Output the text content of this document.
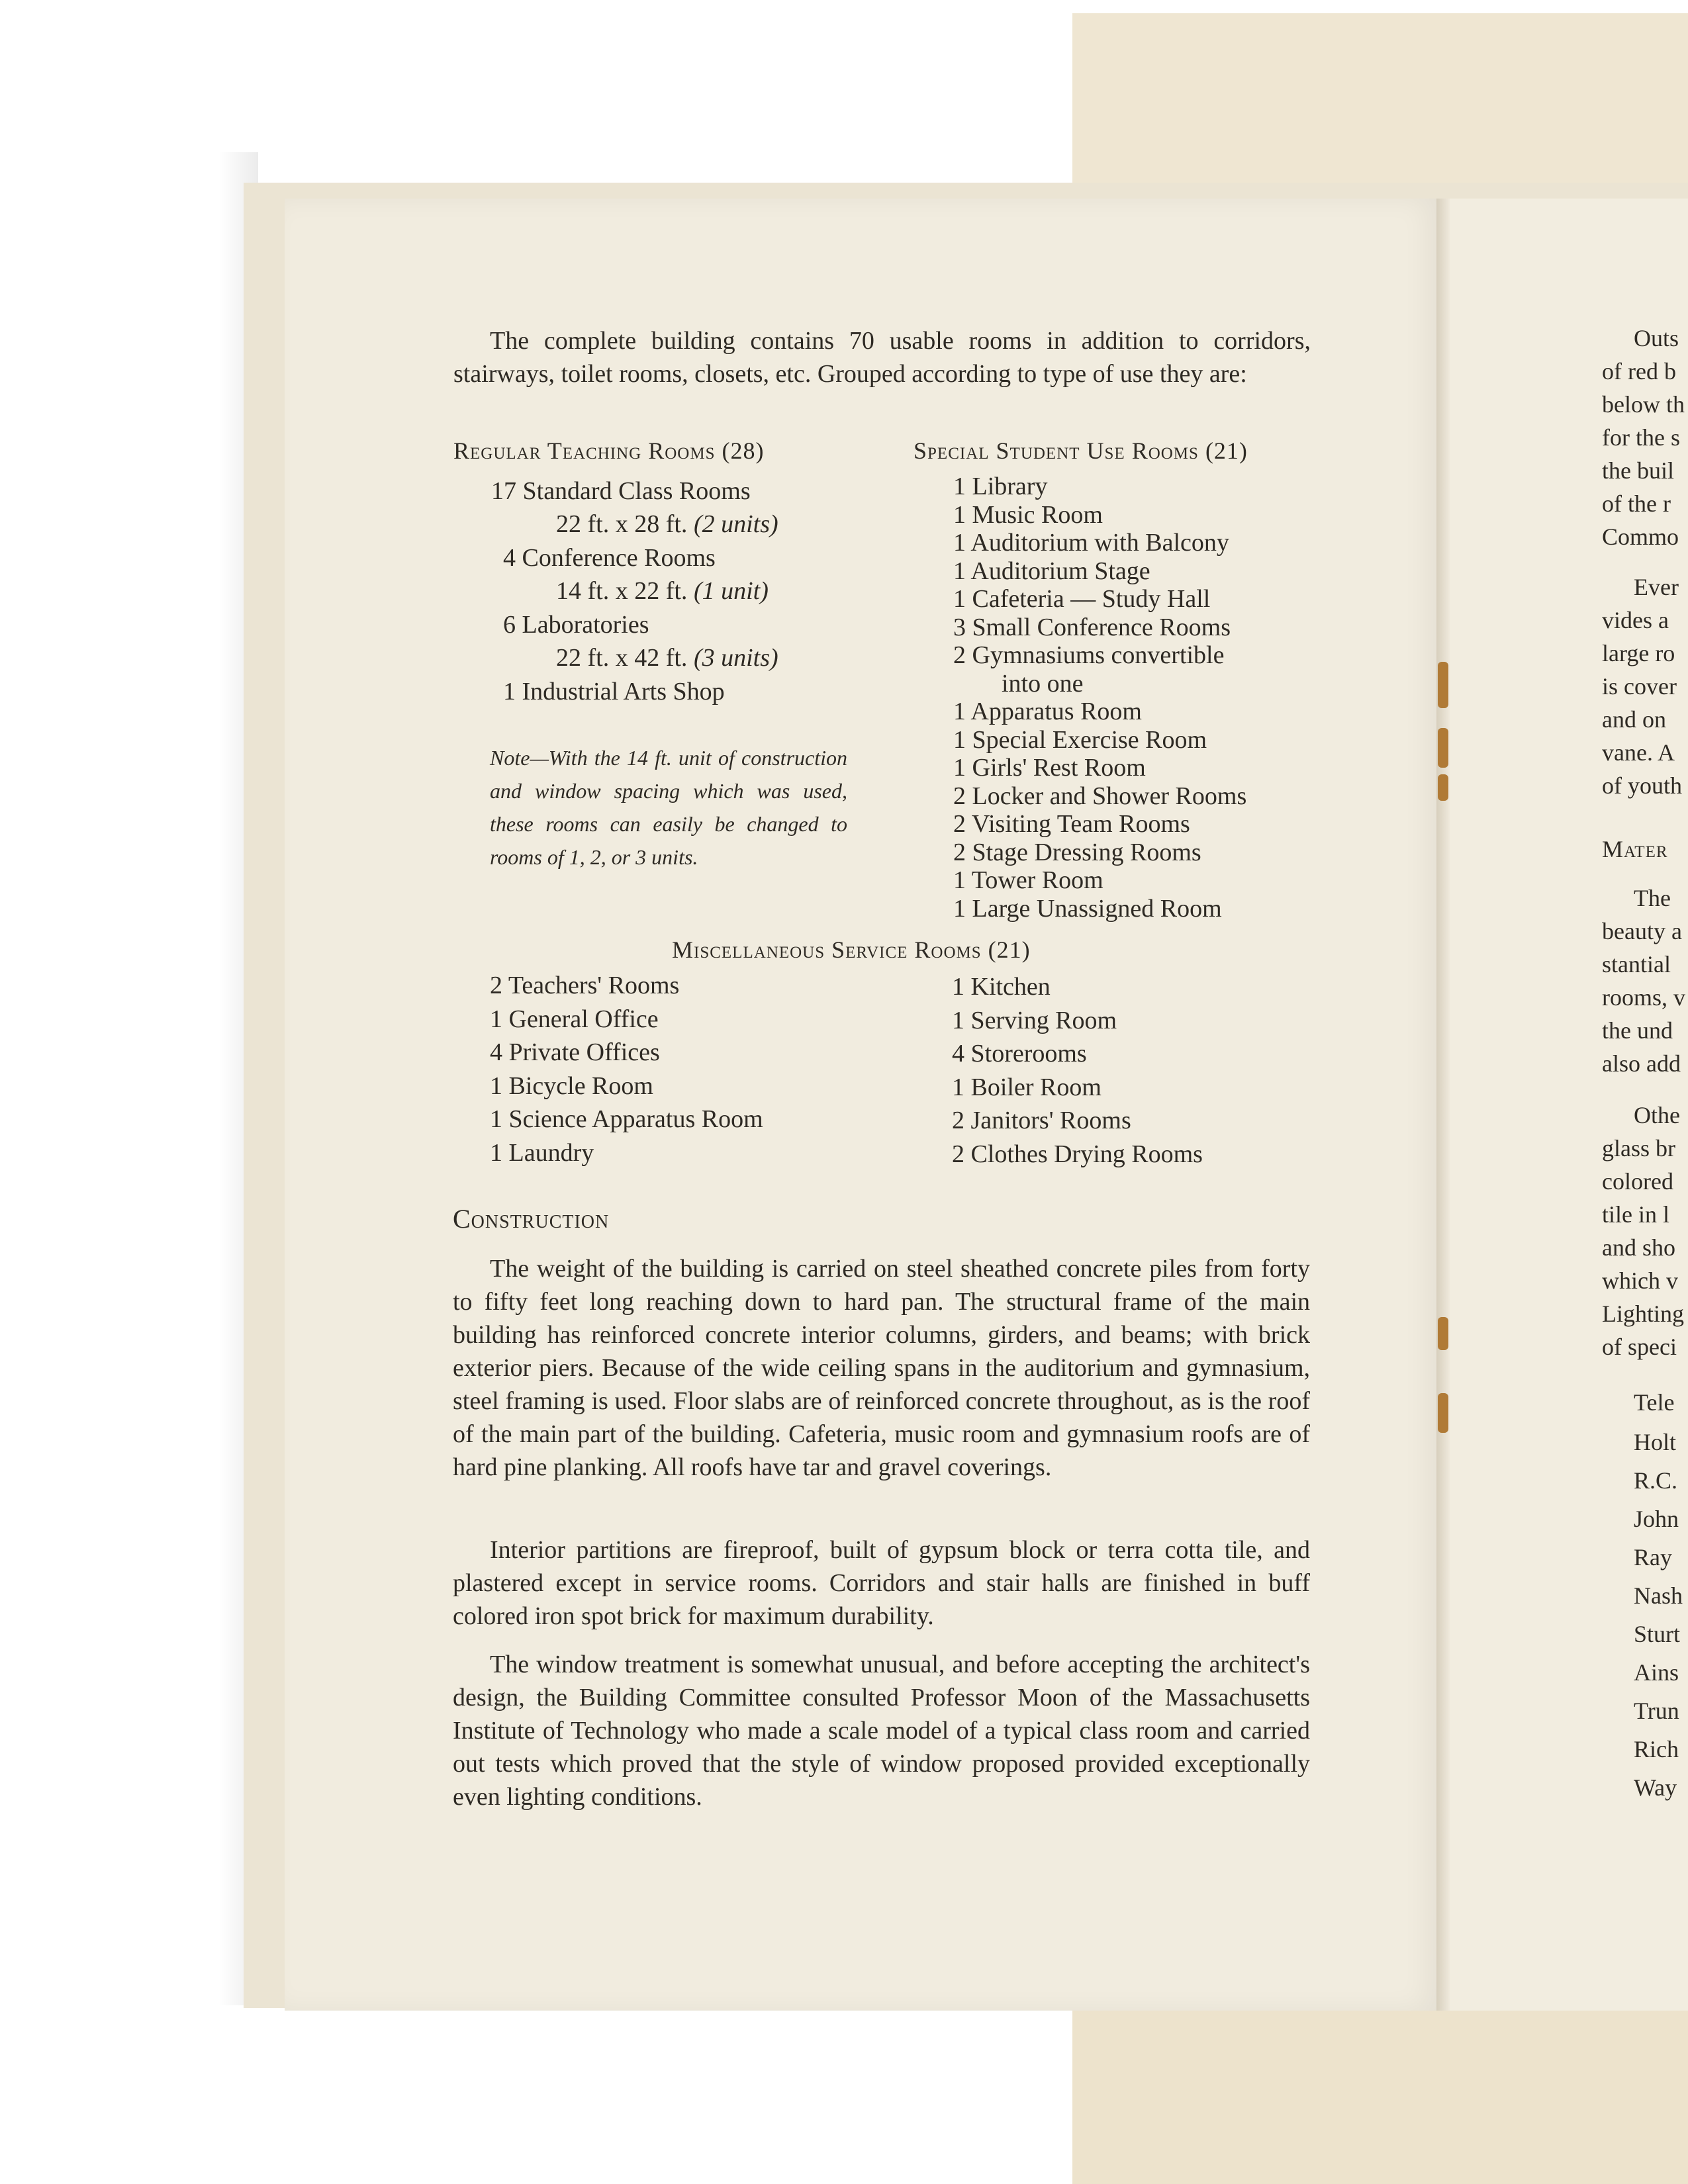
The complete building contains 70 usable rooms in addition to corridors, stairways, toilet rooms, closets, etc. Grouped according to type of use they are:
Regular Teaching Rooms (28)
17 Standard Class Rooms
22 ft. x 28 ft. (2 units)
4 Conference Rooms
14 ft. x 22 ft. (1 unit)
6 Laboratories
22 ft. x 42 ft. (3 units)
1 Industrial Arts Shop
Note—With the 14 ft. unit of construction and window spacing which was used, these rooms can easily be changed to rooms of 1, 2, or 3 units.
Special Student Use Rooms (21)
1 Library
1 Music Room
1 Auditorium with Balcony
1 Auditorium Stage
1 Cafeteria — Study Hall
3 Small Conference Rooms
2 Gymnasiums convertible
into one
1 Apparatus Room
1 Special Exercise Room
1 Girls' Rest Room
2 Locker and Shower Rooms
2 Visiting Team Rooms
2 Stage Dressing Rooms
1 Tower Room
1 Large Unassigned Room
Miscellaneous Service Rooms (21)
2 Teachers' Rooms
1 General Office
4 Private Offices
1 Bicycle Room
1 Science Apparatus Room
1 Laundry
1 Kitchen
1 Serving Room
4 Storerooms
1 Boiler Room
2 Janitors' Rooms
2 Clothes Drying Rooms
Construction
The weight of the building is carried on steel sheathed concrete piles from forty to fifty feet long reaching down to hard pan. The structural frame of the main building has reinforced concrete interior columns, girders, and beams; with brick exterior piers. Because of the wide ceiling spans in the auditorium and gymnasium, steel framing is used. Floor slabs are of reinforced concrete throughout, as is the roof of the main part of the building. Cafeteria, music room and gymnasium roofs are of hard pine planking. All roofs have tar and gravel coverings.
Interior partitions are fireproof, built of gypsum block or terra cotta tile, and plastered except in service rooms. Corridors and stair halls are finished in buff colored iron spot brick for maximum durability.
The window treatment is somewhat unusual, and before accepting the architect's design, the Building Committee consulted Professor Moon of the Massachusetts Institute of Technology who made a scale model of a typical class room and carried out tests which proved that the style of window proposed provided exceptionally even lighting conditions.
Outs
of red b
below th
for the s
the buil
of the r
Commo
Ever
vides a
large ro
is cover
and on
vane. A
of youth
Mater
The
beauty a
stantial
rooms, v
the und
also add
Othe
glass br
colored
tile in l
and sho
which v
Lighting
of speci
Tele
Holt
R.C.
John
Ray
Nash
Sturt
Ains
Trun
Rich
Way
